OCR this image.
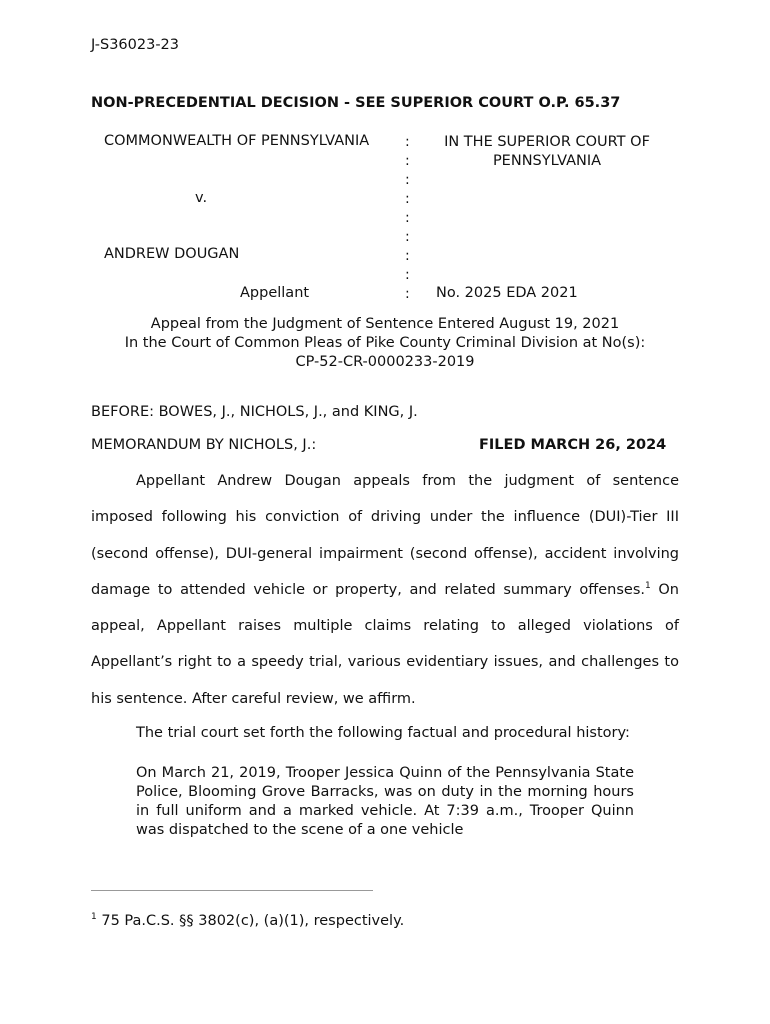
J-S36023-23
NON-PRECEDENTIAL DECISION - SEE SUPERIOR COURT O.P. 65.37
COMMONWEALTH OF PENNSYLVANIA
v.
ANDREW DOUGAN
Appellant
:
:
:
:
:
:
:
:
:
IN THE SUPERIOR COURT OF PENNSYLVANIA
No. 2025 EDA 2021
Appeal from the Judgment of Sentence Entered August 19, 2021
In the Court of Common Pleas of Pike County Criminal Division at No(s):
CP-52-CR-0000233-2019
BEFORE: BOWES, J., NICHOLS, J., and KING, J.
MEMORANDUM BY NICHOLS, J.:	FILED MARCH 26, 2024
Appellant Andrew Dougan appeals from the judgment of sentence imposed following his conviction of driving under the influence (DUI)-Tier III (second offense), DUI-general impairment (second offense), accident involving damage to attended vehicle or property, and related summary offenses.$^1$ On appeal, Appellant raises multiple claims relating to alleged violations of Appellant’s right to a speedy trial, various evidentiary issues, and challenges to his sentence. After careful review, we affirm.
The trial court set forth the following factual and procedural history:
On March 21, 2019, Trooper Jessica Quinn of the Pennsylvania State Police, Blooming Grove Barracks, was on duty in the morning hours in full uniform and a marked vehicle. At 7:39 a.m., Trooper Quinn was dispatched to the scene of a one vehicle
$^1$ 75 Pa.C.S. §§ 3802(c), (a)(1), respectively.
